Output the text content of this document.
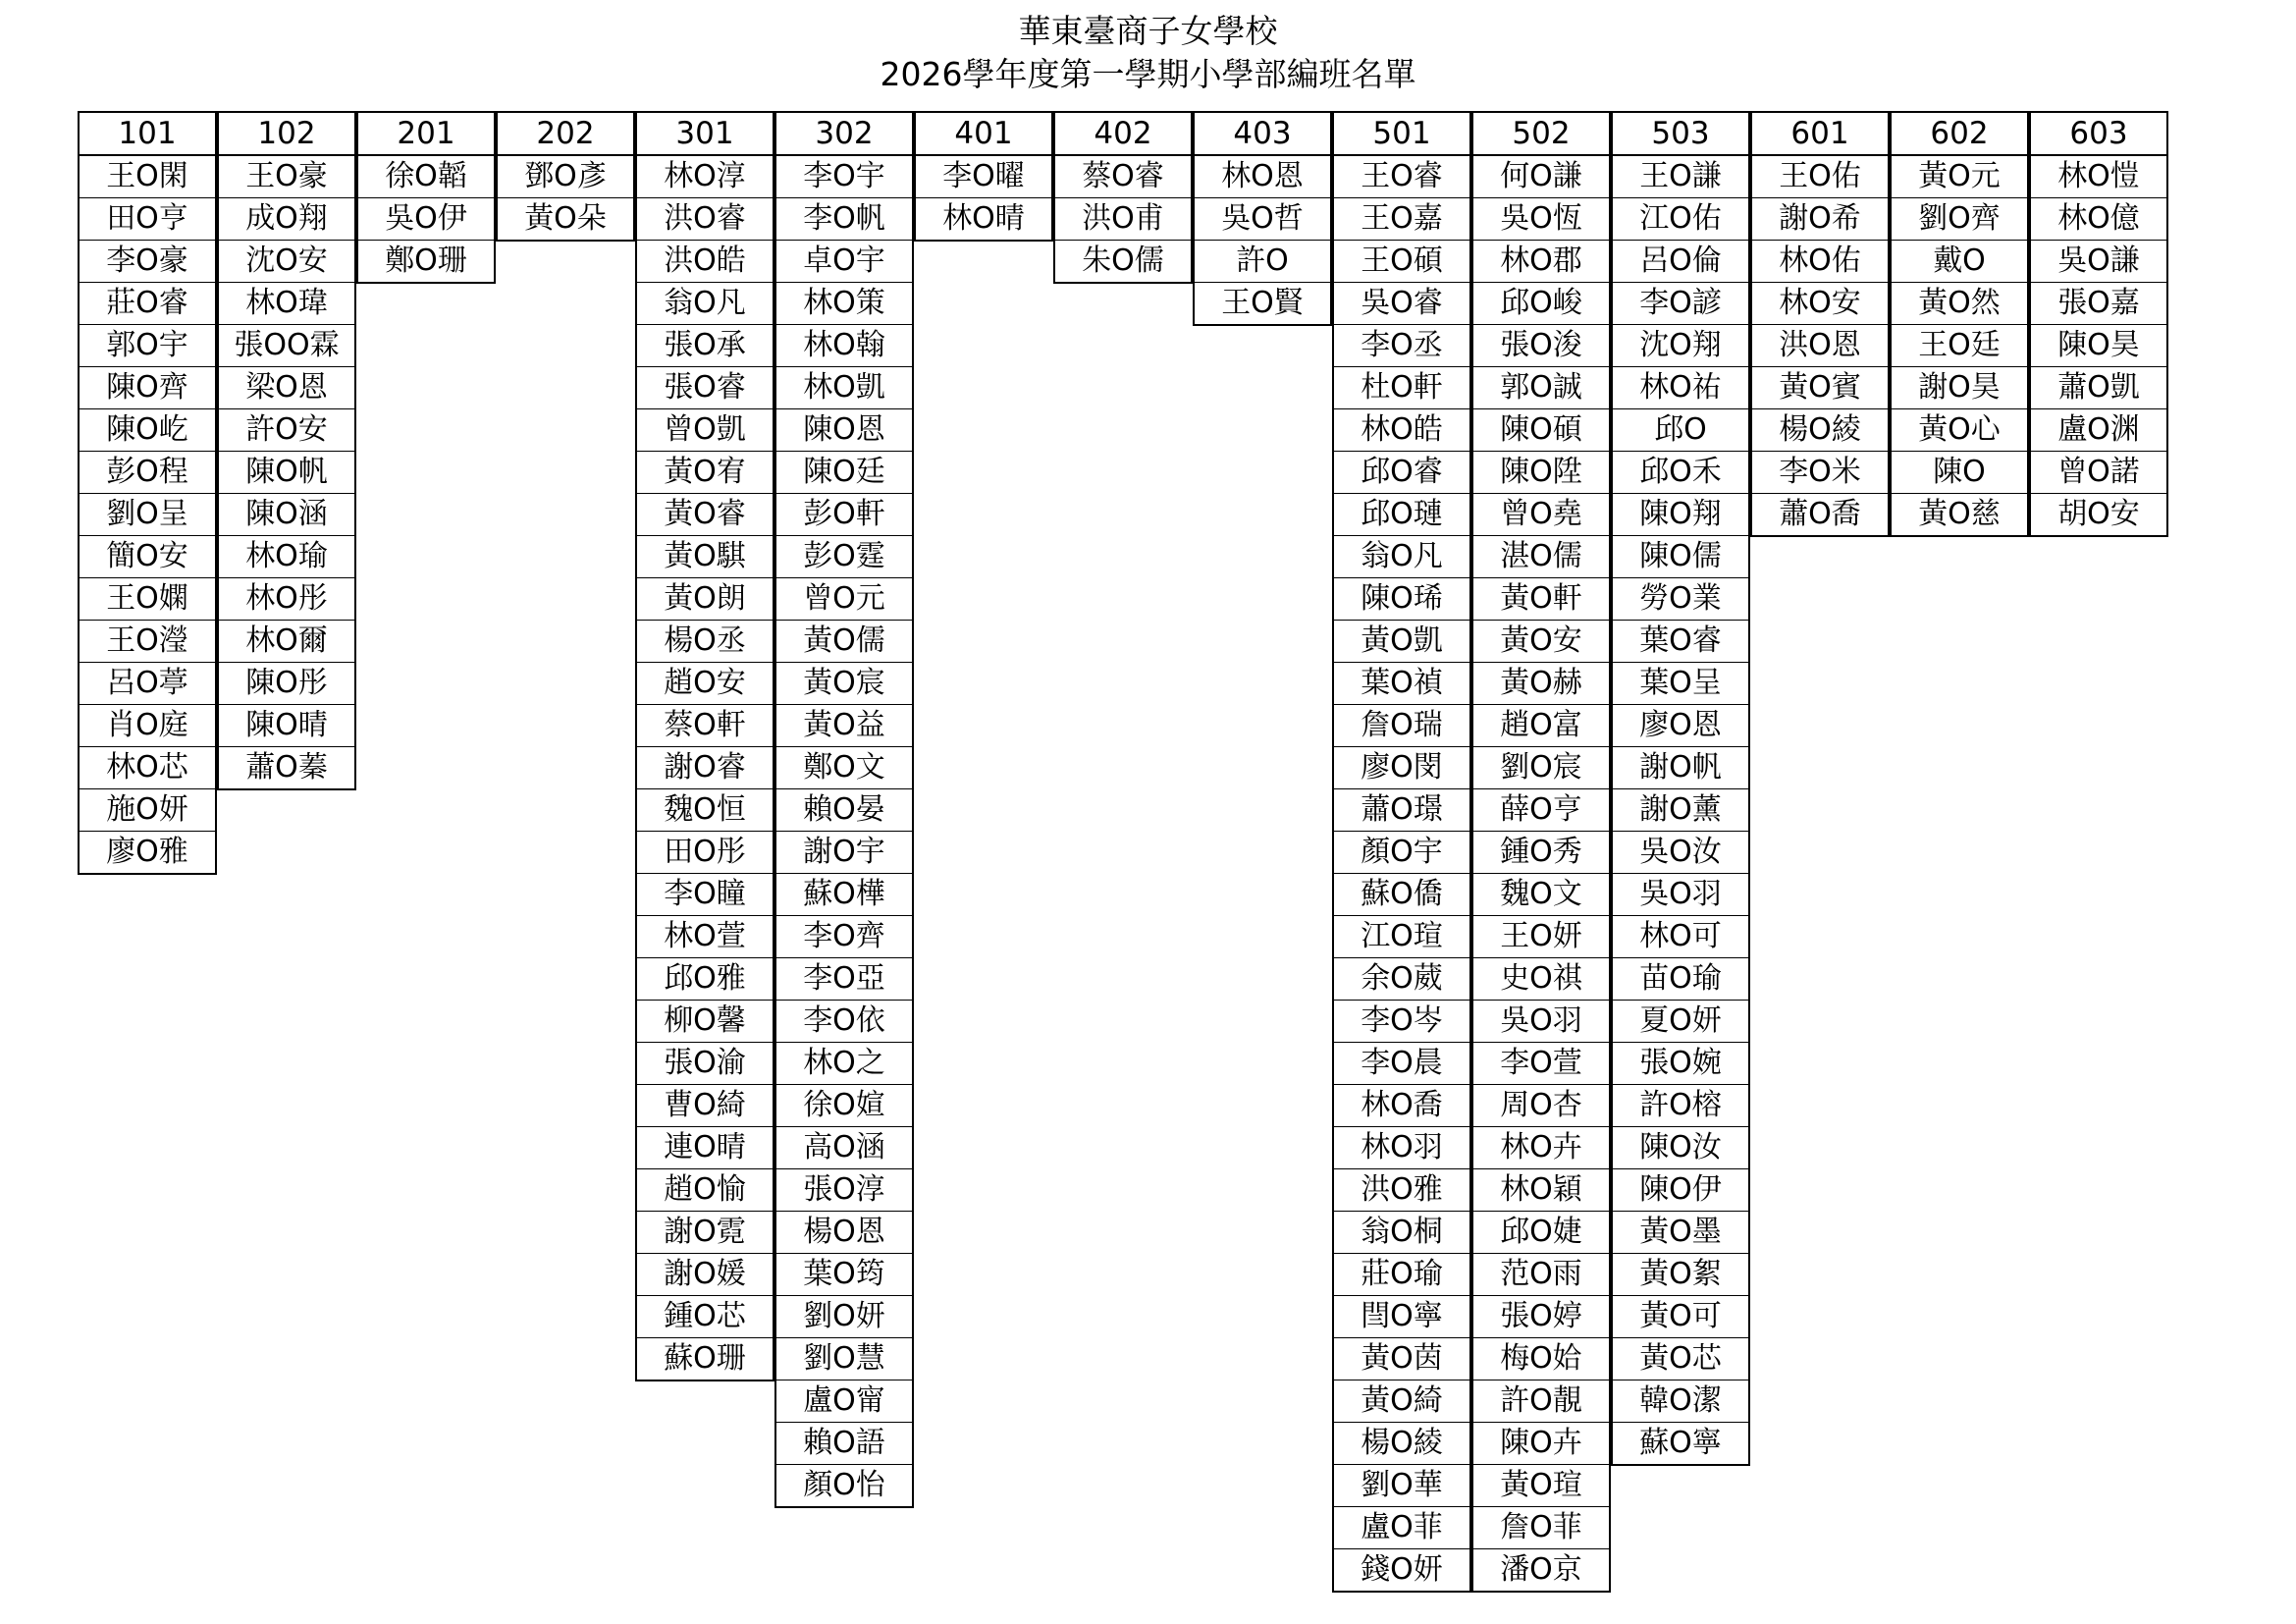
華東臺商子女學校
2026學年度第一學期小學部編班名單
101
王O閑
田O亨
李O豪
莊O睿
郭O宇
陳O齊
陳O屹
彭O程
劉O呈
簡O安
王O嫻
王O瀅
呂O葶
肖O庭
林O芯
施O妍
廖O雅
102
王O豪
成O翔
沈O安
林O瑋
張OO霖
梁O恩
許O安
陳O帆
陳O涵
林O瑜
林O彤
林O爾
陳O彤
陳O晴
蕭O蓁
201
徐O韜
吳O伊
鄭O珊
202
鄧O彥
黃O朵
301
林O淳
洪O睿
洪O皓
翁O凡
張O承
張O睿
曾O凱
黃O宥
黃O睿
黃O騏
黃O朗
楊O丞
趙O安
蔡O軒
謝O睿
魏O恒
田O彤
李O瞳
林O萱
邱O雅
柳O馨
張O渝
曹O綺
連O晴
趙O愉
謝O霓
謝O媛
鍾O芯
蘇O珊
302
李O宇
李O帆
卓O宇
林O策
林O翰
林O凱
陳O恩
陳O廷
彭O軒
彭O霆
曾O元
黃O儒
黃O宸
黃O益
鄭O文
賴O晏
謝O宇
蘇O樺
李O齊
李O亞
李O依
林O之
徐O媗
高O涵
張O淳
楊O恩
葉O筠
劉O妍
劉O慧
盧O甯
賴O語
顏O怡
401
李O曜
林O晴
402
蔡O睿
洪O甫
朱O儒
403
林O恩
吳O哲
許O
王O賢
501
王O睿
王O嘉
王O碩
吳O睿
李O丞
杜O軒
林O皓
邱O睿
邱O璉
翁O凡
陳O琋
黃O凱
葉O禎
詹O瑞
廖O閔
蕭O璟
顏O宇
蘇O僑
江O瑄
余O葳
李O岑
李O晨
林O喬
林O羽
洪O雅
翁O桐
莊O瑜
閆O寧
黃O茵
黃O綺
楊O綾
劉O華
盧O菲
錢O妍
502
何O謙
吳O恆
林O郡
邱O峻
張O浚
郭O誠
陳O碩
陳O陞
曾O堯
湛O儒
黃O軒
黃O安
黃O赫
趙O富
劉O宸
薛O亨
鍾O秀
魏O文
王O妍
史O祺
吳O羽
李O萱
周O杏
林O卉
林O穎
邱O婕
范O雨
張O婷
梅O姶
許O靚
陳O卉
黃O瑄
詹O菲
潘O京
503
王O謙
江O佑
呂O倫
李O諺
沈O翔
林O祐
邱O
邱O禾
陳O翔
陳O儒
勞O業
葉O睿
葉O呈
廖O恩
謝O帆
謝O薰
吳O汝
吳O羽
林O可
苗O瑜
夏O妍
張O婉
許O榕
陳O汝
陳O伊
黃O墨
黃O絮
黃O可
黃O芯
韓O潔
蘇O寧
601
王O佑
謝O希
林O佑
林O安
洪O恩
黃O賓
楊O綾
李O米
蕭O喬
602
黃O元
劉O齊
戴O
黃O然
王O廷
謝O昊
黃O心
陳O
黃O慈
603
林O愷
林O億
吳O謙
張O嘉
陳O昊
蕭O凱
盧O渊
曾O諾
胡O安
